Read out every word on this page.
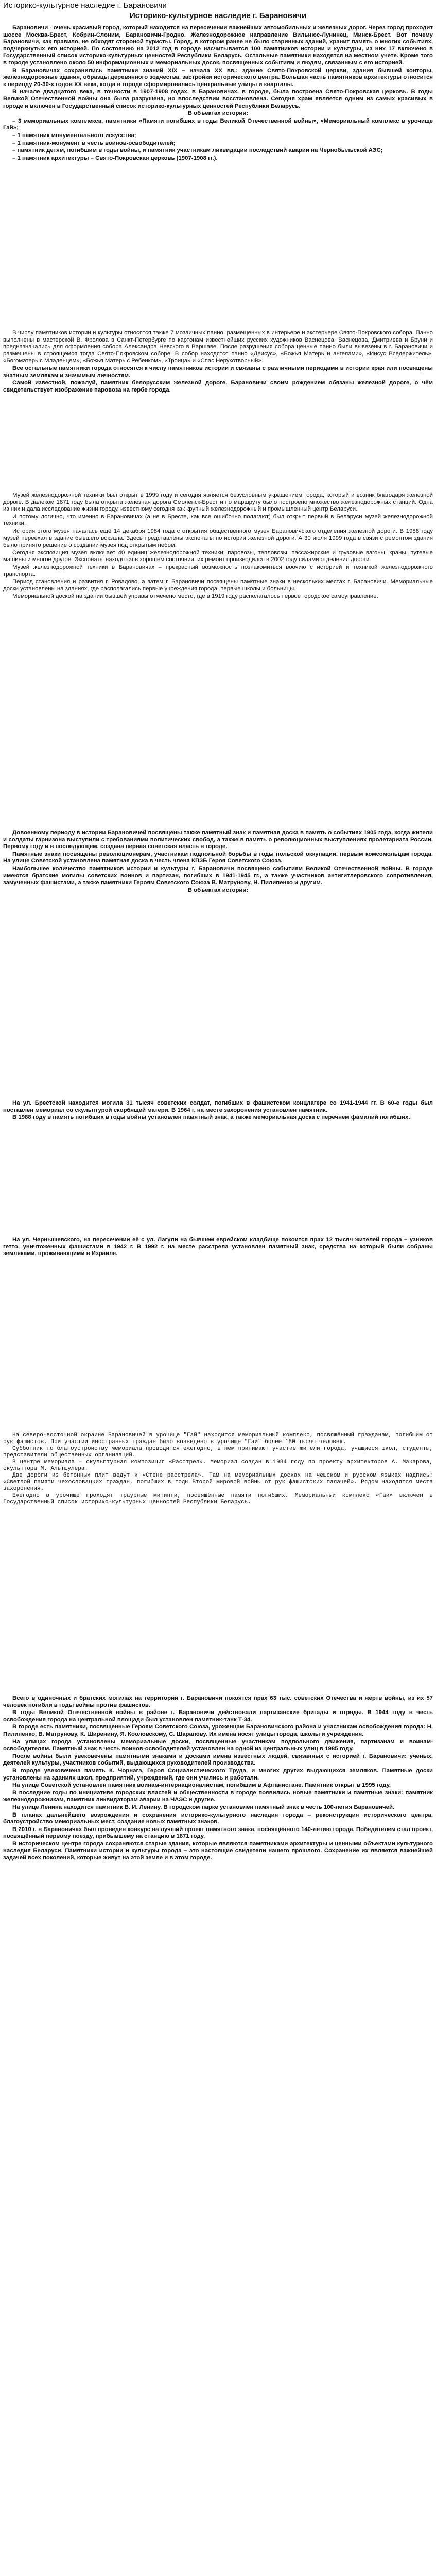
Историко-культурное наследие г. Барановичи
Историко-культурное наследие г. Барановичи

Барановичи - очень красивый город, который находится на пересечении важнейших автомобильных и железных дорог. Через город проходит шоссе Москва-Брест, Кобрин-Слоним, Барановичи-Гродно. Железнодорожное направление Вильнюс-Лунинец, Минск-Брест. Вот почему Барановичи, как правило, не обходят стороной туристы. Город, в котором ранее не было старинных зданий, хранит память о многих событиях, подчеркнутых его историей. По состоянию на 2012 год в городе насчитывается 100 памятников истории и культуры, из них 17 включено в Государственный список историко-культурных ценностей Республики Беларусь. Остальные памятники находятся на местном учете. Кроме того в городе установлено около 50 информационных и мемориальных досок, посвященных событиям и людям, связанным с его историей.

В Барановичах сохранились памятники знаний XIX – начала XX вв.: здание Свято-Покровской церкви, здания бывшей конторы, железнодорожные здания, образцы деревянного зодчества, застройки исторического центра. Большая часть памятников архитектуры относится к периоду 20-30-х годов XX века, когда в городе сформировались центральные улицы и кварталы.

В начале двадцатого века, в точности в 1907-1908 годах, в Барановичах, в городе, была построена Свято-Покровская церковь. В годы Великой Отечественной войны она была разрушена, но впоследствии восстановлена. Сегодня храм является одним из самых красивых в городе и включен в Государственный список историко-культурных ценностей Республики Беларусь.

В объектах истории:

– 3 мемориальных комплекса, памятники «Памяти погибших в годы Великой Отечественной войны», «Мемориальный комплекс в урочище Гай»;

– 1 памятник монументального искусства;

– 1 памятник-монумент в честь воинов-освободителей;

– памятник детям, погибшим в годы войны, и памятник участникам ликвидации последствий аварии на Чернобыльской АЭС;

– 1 памятник архитектуры – Свято-Покровская церковь (1907-1908 гг.).

В числу памятников истории и культуры относятся также 7 мозаичных панно, размещенных в интерьере и экстерьере Свято-Покровского собора. Панно выполнены в мастерской В. Фролова в Санкт-Петербурге по картонам известнейших русских художников Васнецова, Васнецова, Дмитриева и Бруни и предназначались для оформления собора Александра Невского в Варшаве. После разрушения собора ценные панно были вывезены в г. Барановичи и размещены в строящемся тогда Свято-Покровском соборе. В собор находятся панно «Деисус», «Божья Матерь и ангелами», «Иисус Вседержитель», «Богоматерь с Младенцем», «Божья Матерь с Ребенком», «Троица» и «Спас Нерукотворный».

Все остальные памятники города относятся к числу памятников истории и связаны с различными периодами в истории края или посвящены знатным землякам и значимым личностям.

Самой известной, пожалуй, памятник белорусским железной дороге. Барановичи своим рождением обязаны железной дороге, о чём свидетельствует изображение паровоза на гербе города.

Музей железнодорожной техники был открыт в 1999 году и сегодня является безусловным украшением города, который и возник благодаря железной дороге. В далеком 1871 году была открыта железная дорога Смоленск-Брест и по маршруту было построено множество железнодорожных станций. Одна из них и дала исследование жизни городу, известному сегодня как крупный железнодорожный и промышленный центр Беларуси.

И потому логично, что именно в Барановичах (а не в Бресте, как все ошибочно полагают) был открыт первый в Беларуси музей железнодорожной техники.

История этого музея началась ещё 14 декабря 1984 года с открытия общественного музея Барановичского отделения железной дороги. В 1988 году музей переехал в здание бывшего вокзала. Здесь представлены экспонаты по истории железной дороги. А 30 июля 1999 года в связи с ремонтом здания было принято решение о создании музея под открытым небом.

Сегодня экспозиция музея включает 40 единиц железнодорожной техники: паровозы, тепловозы, пассажирские и грузовые вагоны, краны, путевые машины и многое другое. Экспонаты находятся в хорошем состоянии, их ремонт производился в 2002 году силами отделения дороги.

Музей железнодорожной техники в Барановичах – прекрасный возможность познакомиться воочию с историей и техникой железнодорожного транспорта.

Период становления и развития г. Ровадово, а затем г. Барановичи посвящены памятные знаки в нескольких местах г. Барановичи. Мемориальные доски установлены на зданиях, где располагались первые учреждения города, первые школы и больницы.

Мемориальной доской на здании бывшей управы отмечено место, где в 1919 году располагалось первое городское самоуправление.

Довоенному периоду в истории Барановичей посвящены также памятный знак и памятная доска в память о событиях 1905 года, когда жители и солдаты гарнизона выступили с требованиями политических свобод, а также в память о революционных выступлениях пролетариата России. Первому году и в последующем, создана первая советская власть в городе.

Памятные знаки посвящены революционерам, участникам подпольной борьбы в годы польской оккупации, первым комсомольцам города. На улице Советской установлена памятная доска в честь члена КПЗБ Героя Советского Союза.

Наибольшее количество памятников истории и культуры г. Барановичи посвящено событиям Великой Отечественной войны. В городе имеются братские могилы советских воинов и партизан, погибших в 1941-1945 гг., а также участников антигитлеровского сопротивления, замученных фашистами, а также памятники Героям Советского Союза В. Матрунову, Н. Пилипенко и другим.

В объектах истории:

На ул. Брестской находится могила 31 тысяч советских солдат, погибших в фашистском концлагере со 1941-1944 гг. В 60-е годы был поставлен мемориал со скульптурой скорбящей матери. В 1964 г. на месте захоронения установлен памятник.

В 1988 году в память погибших в годы войны установлен памятный знак, а также мемориальная доска с перечнем фамилий погибших.

На ул. Чернышевского, на пересечении её с ул. Лагули на бывшем еврейском кладбище покоится прах 12 тысяч жителей города – узников гетто, уничтоженных фашистами в 1942 г. В 1992 г. на месте расстрела установлен памятный знак, средства на который были собраны земляками, проживающими в Израиле.

На северо-восточной окраине Барановичей в урочище "Гай" находится мемориальный комплекс, посвящённый гражданам, погибшим от рук фашистов. При участии иностранных граждан было возведено в урочище "Гай" более 150 тысяч человек.

Субботник по благоустройству мемориала проводится ежегодно, в нём принимают участие жители города, учащиеся школ, студенты, представители общественных организаций.

В центре мемориала – скульптурная композиция «Расстрел». Мемориал создан в 1984 году по проекту архитекторов А. Макарова, скульптора М. Альтшулера.

Две дороги из бетонных плит ведут к «Стене расстрела». Там на мемориальных досках на чешском и русском языках надпись: «Светлой памяти чехословацких граждан, погибших в годы Второй мировой войны от рук фашистских палачей». Рядом находятся места захоронения.

Ежегодно в урочище проходят траурные митинги, посвящённые памяти погибших. Мемориальный комплекс «Гай» включен в Государственный список историко-культурных ценностей Республики Беларусь.

Всего в одиночных и братских могилах на территории г. Барановичи покоятся прах 63 тыс. советских Отечества и жертв войны, из их 57 человек погибли в годы войны против фашистов.

В годы Великой Отечественной войны в районе г. Барановичи действовали партизанские бригады и отряды. В 1944 году в честь освобождения города на центральной площади был установлен памятник-танк Т-34.

В городе есть памятники, посвященные Героям Советского Союза, уроженцам Барановичского района и участникам освобождения города: Н. Пилипенко, В. Матрунову, К. Ширенину, Я. Кооловскому, С. Шарапову. Их имена носят улицы города, школы и учреждения.

На улицах города установлены мемориальные доски, посвященные участникам подпольного движения, партизанам и воинам-освободителям. Памятный знак в честь воинов-освободителей установлен на одной из центральных улиц в 1985 году.

После войны были увековечены памятными знаками и досками имена известных людей, связанных с историей г. Барановичи: ученых, деятелей культуры, участников событий, выдающихся руководителей производства.

В городе увековечена память К. Чорнага, Героя Социалистического Труда, и многих других выдающихся земляков. Памятные доски установлены на зданиях школ, предприятий, учреждений, где они учились и работали.

На улице Советской установлен памятник воинам-интернационалистам, погибшим в Афганистане. Памятник открыт в 1995 году.

В последние годы по инициативе городских властей и общественности в городе появились новые памятники и памятные знаки: памятник железнодорожникам, памятник ликвидаторам аварии на ЧАЭС и другие.

На улице Ленина находится памятник В. И. Ленину. В городском парке установлен памятный знак в честь 100-летия Барановичей.

В планах дальнейшего возрождения и сохранения историко-культурного наследия города ‒ реконструкция исторического центра, благоустройство мемориальных мест, создание новых памятных знаков.

В 2010 г. в Барановичах был проведен конкурс на лучший проект памятного знака, посвящённого 140-летию города. Победителем стал проект, посвящённый первому поезду, прибывшему на станцию в 1871 году.

В историческом центре города сохраняются старые здания, которые являются памятниками архитектуры и ценными объектами культурного наследия Беларуси. Памятники истории и культуры города – это настоящие свидетели нашего прошлого. Сохранение их является важнейшей задачей всех поколений, которые живут на этой земле и в этом городе.
